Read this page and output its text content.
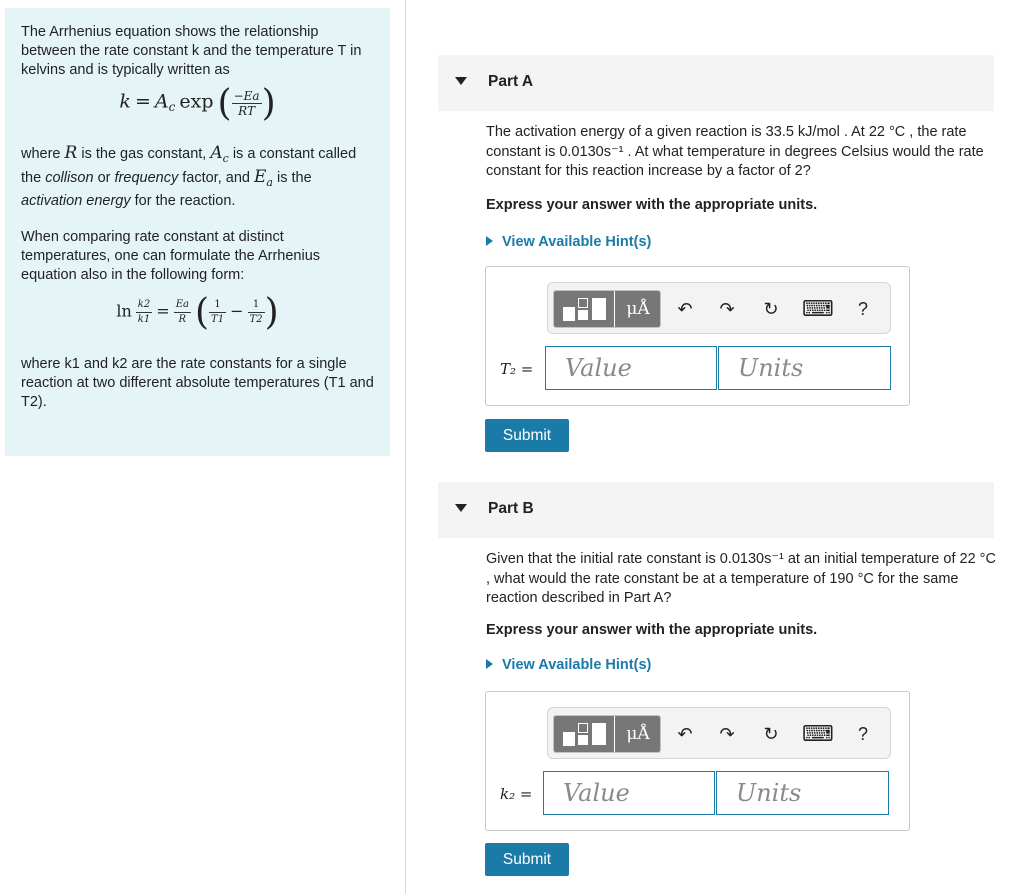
The Arrhenius equation shows the relationship between the rate constant k and the temperature T in kelvins and is typically written as

$k = A_c$ exp ( $\frac{-Ea}{RT}$ )

where R is the gas constant, $A_c$ is a constant called the collison or frequency factor, and $E_a$ is the activation energy for the reaction.

When comparing rate constant at distinct temperatures, one can formulate the Arrhenius equation also in the following form:

$\ln \frac{k2}{k1} = \frac{Ea}{R}$ ( $\frac{1}{T1} - \frac{1}{T2}$ )

where k1 and k2 are the rate constants for a single reaction at two different absolute temperatures (T1 and T2).

Part A
The activation energy of a given reaction is 33.5 kJ/mol . At 22 °C , the rate constant is 0.0130s⁻¹ . At what temperature in degrees Celsius would the rate constant for this reaction increase by a factor of 2?
Express your answer with the appropriate units.
View Available Hint(s)
μÅ	↶ ↷ ↻ ⌨	?
T₂ =	Value	Units
Submit
Part B
Given that the initial rate constant is 0.0130s⁻¹ at an initial temperature of 22 °C , what would the rate constant be at a temperature of 190 °C for the same reaction described in Part A?
Express your answer with the appropriate units.
View Available Hint(s)
μÅ	↶ ↷ ↻ ⌨	?
k₂ =	Value	Units
Submit
